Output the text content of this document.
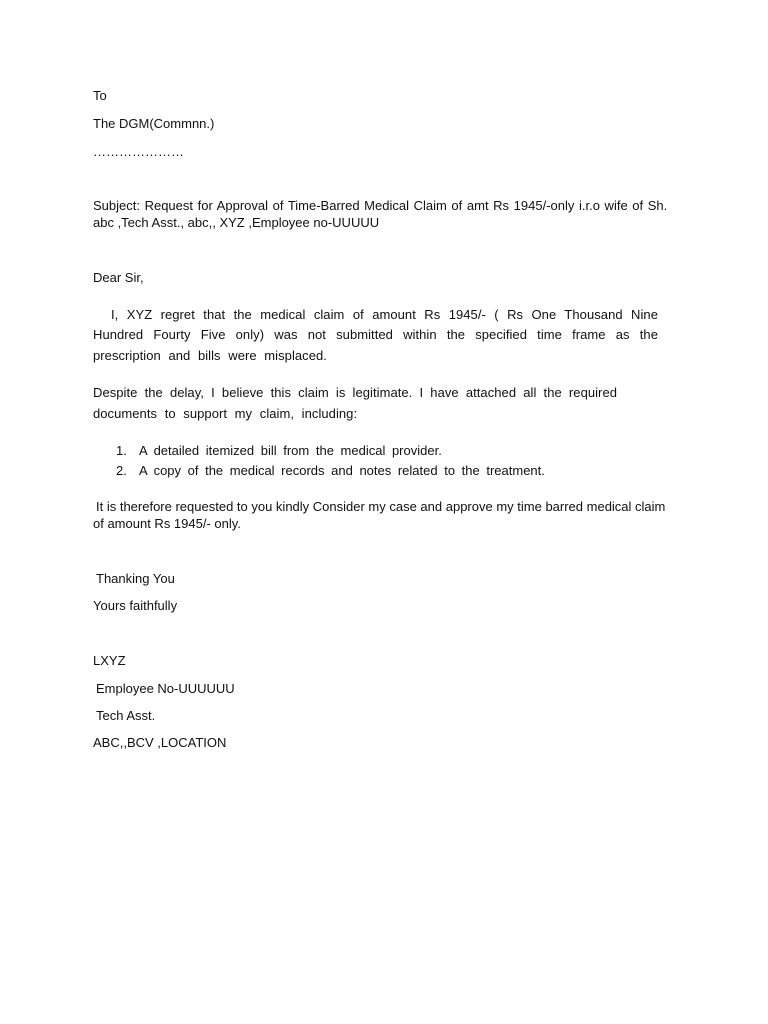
To
The DGM(Commnn.)
…………………
Subject: Request for Approval of Time-Barred Medical Claim of amt Rs 1945/-only i.r.o wife of Sh.
abc ,Tech Asst., abc,, XYZ ,Employee no-UUUUU
Dear Sir,
I, XYZ regret that the medical claim of amount Rs 1945/- ( Rs One Thousand Nine
Hundred Fourty Five only) was not submitted within the specified time frame as the
prescription and bills were misplaced.
Despite the delay, I believe this claim is legitimate. I have attached all the required
documents to support my claim, including:
1. A detailed itemized bill from the medical provider.
2. A copy of the medical records and notes related to the treatment.
It is therefore requested to you kindly Consider my case and approve my time barred medical claim
of amount Rs 1945/- only.
Thanking You
Yours faithfully
LXYZ
Employee No-UUUUUU
Tech Asst.
ABC,,BCV ,LOCATION
